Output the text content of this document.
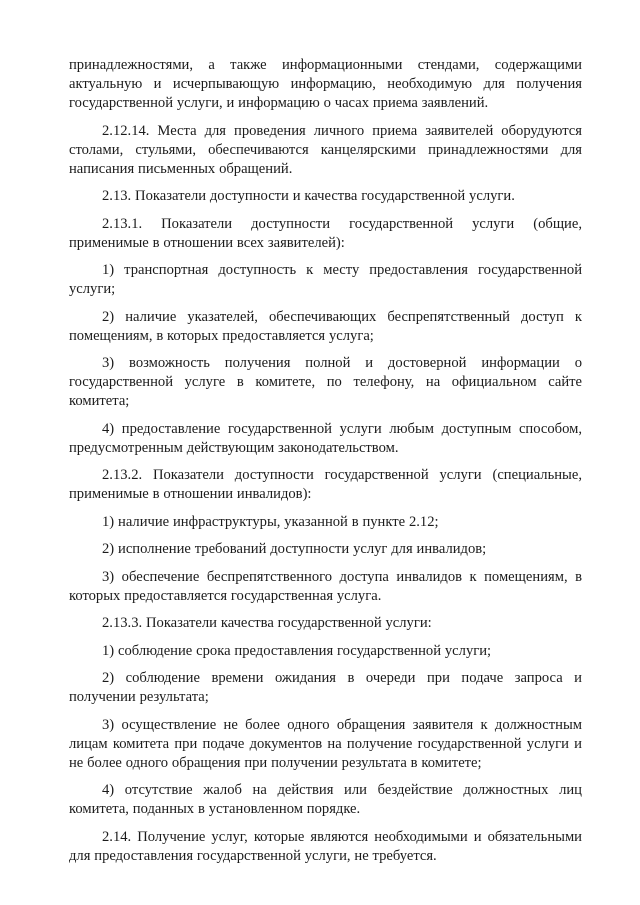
принадлежностями, а также информационными стендами, содержащими актуальную и исчерпывающую информацию, необходимую для получения государственной услуги, и информацию о часах приема заявлений.

2.12.14. Места для проведения личного приема заявителей оборудуются столами, стульями, обеспечиваются канцелярскими принадлежностями для написания письменных обращений.

2.13. Показатели доступности и качества государственной услуги.

2.13.1. Показатели доступности государственной услуги (общие, применимые в отношении всех заявителей):

1) транспортная доступность к месту предоставления государственной услуги;

2) наличие указателей, обеспечивающих беспрепятственный доступ к помещениям, в которых предоставляется услуга;

3) возможность получения полной и достоверной информации о государственной услуге в комитете, по телефону, на официальном сайте комитета;

4) предоставление государственной услуги любым доступным способом, предусмотренным действующим законодательством.

2.13.2. Показатели доступности государственной услуги (специальные, применимые в отношении инвалидов):

1) наличие инфраструктуры, указанной в пункте 2.12;

2) исполнение требований доступности услуг для инвалидов;

3) обеспечение беспрепятственного доступа инвалидов к помещениям, в которых предоставляется государственная услуга.

2.13.3. Показатели качества государственной услуги:

1) соблюдение срока предоставления государственной услуги;

2) соблюдение времени ожидания в очереди при подаче запроса и получении результата;

3) осуществление не более одного обращения заявителя к должностным лицам комитета при подаче документов на получение государственной услуги и не более одного обращения при получении результата в комитете;

4) отсутствие жалоб на действия или бездействие должностных лиц комитета, поданных в установленном порядке.

2.14. Получение услуг, которые являются необходимыми и обязательными для предоставления государственной услуги, не требуется.
